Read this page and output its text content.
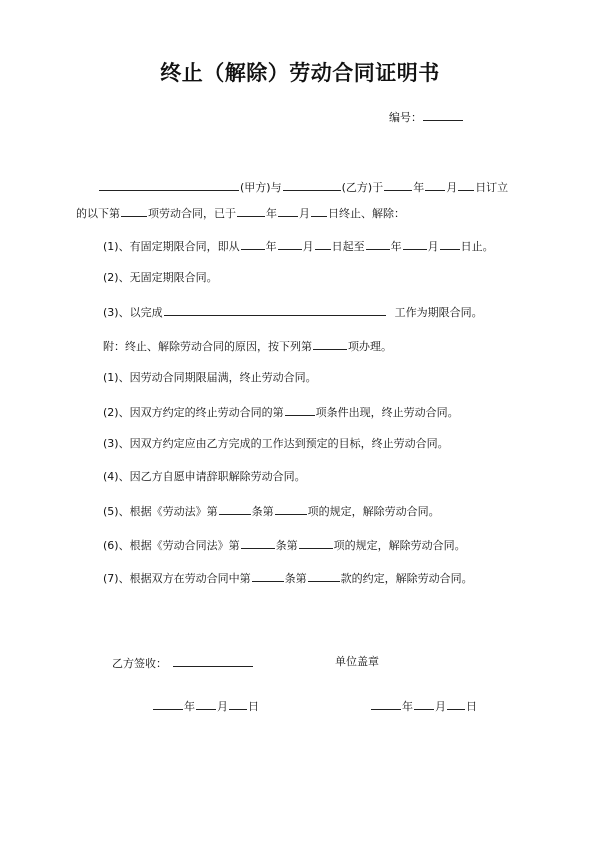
终止（解除）劳动合同证明书
编号：
(甲方)与	(乙方)于	年 月 日订立
的以下第	项劳动合同，已于	年 月 日终止、解除：
(1)、有固定期限合同，即从 年 月 日起至 年 月 日止。
(2)、无固定期限合同。
(3)、以完成	工作为期限合同。
附：终止、解除劳动合同的原因，按下列第	项办理。
(1)、因劳动合同期限届满，终止劳动合同。
(2)、因双方约定的终止劳动合同的第	项条件出现，终止劳动合同。
(3)、因双方约定应由乙方完成的工作达到预定的目标，终止劳动合同。
(4)、因乙方自愿申请辞职解除劳动合同。
(5)、根据《劳动法》第	条第	项的规定，解除劳动合同。
(6)、根据《劳动合同法》第	条第	项的规定，解除劳动合同。
(7)、根据双方在劳动合同中第	条第	款的约定，解除劳动合同。
乙方签收：	单位盖章
年 月 日	年 月 日
